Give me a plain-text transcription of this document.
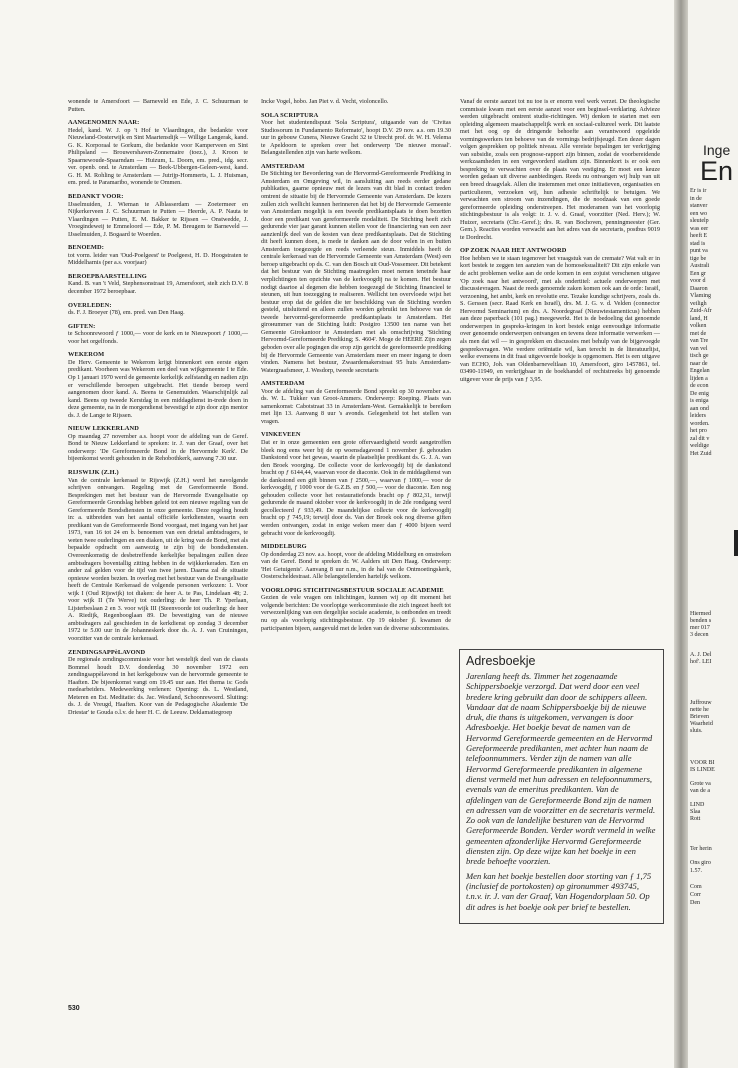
wonende te Amersfoort — Barneveld en Ede, J. C. Schuurman te Putten.

AANGENOMEN NAAR:

Hedel, kand. W. J. op 't Hof te Vlaardingen, die bedankte voor Nieuwland-Oosterwijk en Sint Maartensdijk — Willige Langerak, kand. G. K. Korporaal te Gorkum, die bedankte voor Kamperveen en Sint Philipsland — Brouwershaven-Zonnemaire (toez.), J. Kroon te Spaarnewoude-Spaarndam — Huizum, L. Doorn, em. pred., idg. secr. ver. openb. ond. te Amsterdam — Beek-Ubbergen-Geleen-west, kand. G. H. M. Rohling te Amsterdam — Jutrijp-Hommerts, L. J. Huisman, em. pred. te Paramaribo, wonende te Ommen.

BEDANKT VOOR:

IJsselmuiden, J. Wieman te Alblasserdam — Zoetermeer en Nijkerkerveen J. C. Schuurman te Putten — Heerde, A. P. Nauta te Vlaardingen — Putten, E. M. Bakker te Rijssen — Onstwedde, J. Vroegindeweij te Emmeloord — Ede, P. M. Breugem te Barneveld — IJsselmuiden, J. Bogaard te Woerden.

BENOEMD:

tot vorm. leider van 'Oud-Poelgeest' te Poelgeest, H. D. Hoogstraten te Middelharnis (per a.s. voorjaar)

BEROEPBAARSTELLING

Kand. B. van 't Veld, Stephensonstraat 19, Amersfoort, stelt zich D.V. 8 december 1972 beroepbaar.

OVERLEDEN:

ds. F. J. Broeyer (78), em. pred. van Den Haag.

GIFTEN:

te Schoonrewoord ƒ 1000,— voor de kerk en te Nieuwpoort ƒ 1000,— voor het orgelfonds.

WEKEROM

De Herv. Gemeente te Wekerom krijgt binnenkort een eerste eigen predikant. Voorheen was Wekerom een deel van wijkgemeente I te Ede. Op 1 januari 1970 werd de gemeente kerkelijk zelfstandig en nadien zijn er verschillende beroepen uitgebracht. Het tiende beroep werd aangenomen door kand. A. Beens te Genemuiden. Waarschijnlijk zal kand. Beens op tweede Kerstdag in een middagdienst in-trede doen in deze gemeente, na in de morgendienst bevestigd te zijn door zijn mentor ds. J. de Lange te Rijssen.

NIEUW LEKKERLAND

Op maandag 27 november a.s. hoopt voor de afdeling van de Geref. Bond te Nieuw Lekkerland te spreken: ir. J. van der Graaf, over het onderwerp: 'De Gereformeerde Bond in de Hervormde Kerk'. De bijeenkomst wordt gehouden in de Rehobothkerk, aanvang 7.30 uur.

RIJSWIJK (Z.H.)

Van de centrale kerkeraad te Rijswijk (Z.H.) werd het navolgende schrijven ontvangen. Regeling met de Gereformeerde Bond. Besprekingen met het bestuur van de Hervormde Evangelisatie op Gereformeerde Grondslag hebben geleid tot een nieuwe regeling van de Gereformeerde Bondsdiensten in onze gemeente. Deze regeling houdt in: a. uitbreiden van het aantal officiële kerkdiensten, waarin een predikant van de Gereformeerde Bond voorgaat, met ingang van het jaar 1973, van 16 tot 24 en b. benoemen van een drietal ambtsdragers, te weten twee ouderlingen en een diaken, uit de kring van de Bond, met als bepaalde opdracht om aanwezig te zijn bij de bondsdiensten. Overeenkomstig de desbetreffende kerkelijke bepalingen zullen deze ambtsdragers boventallig zitting hebben in de wijkkerkeraden. Een en ander zal gelden voor de tijd van twee jaren. Daarna zal de situatie opnieuw worden bezien. In overleg met het bestuur van de Evangelisatie heeft de Centrale Kerkeraad de volgende personen verkozen: 1. Voor wijk I (Oud Rijswijk) tot diaken: de heer A. te Pas, Lindelaan 48; 2. voor wijk II (Te Werve) tot ouderling: de heer Th. P. Yperlaan, Lijsterbeslaan 2 en 3. voor wijk III (Steenvoorde tot ouderling: de heer A. Riedijk, Regenbooglaan 89. De bevestiging van de nieuwe ambtsdragers zal geschieden in de kerkdienst op zondag 3 december 1972 te 5.00 uur in de Johanneskerk door ds. A. J. van Cruiningen, voorzitter van de centrale kerkeraad.

ZENDINGSAPPèLAVOND

De regionale zendingscommissie voor het westelijk deel van de classis Bommel houdt D.V. donderdag 30 november 1972 een zendingsappèlavond in het kerkgebouw van de hervormde gemeente te Haaften. De bijeenkomst vangt om 19.45 uur aan. Het thema is: Gods medearbeiders. Medewerking verlenen: Opening: ds. L. Westland, Meteren en Est. Meditatie: ds. Jac. Westland, Schoonrewoerd. Sluiting: ds. J. de Vreugd, Haaften. Koor van de Pedagogische Akademie 'De Driestar' te Gouda o.l.v. de heer H. C. de Leeuw. Deklamatiegroep

Incke Vogel, hobo. Jan Piet v. d. Vecht, violoncello.

SOLA SCRIPTURA

Voor het studentendispuut 'Sola Scriptura', uitgaande van de 'Civitas Studiosorum in Fundamento Reformato', hoopt D.V. 29 nov. a.s. om 19.30 uur in gebouw Cunera, Nieuwe Gracht 32 te Utrecht prof. dr. W. H. Velema te Apeldoorn te spreken over het onderwerp 'De nieuwe moraal'. Belangstellenden zijn van harte welkom.

AMSTERDAM

De Stichting ter Bevordering van de Hervormd-Gereformeerde Prediking in Amsterdam en Omgeving wil, in aansluiting aan reeds eerder gedane publikaties, gaarne opnieuw met de lezers van dit blad in contact treden omtrent de situatie bij de Hervormde Gemeente van Amsterdam. De lezers zullen zich wellicht kunnen herinneren dat het bij de Hervormde Gemeente van Amsterdam mogelijk is een tweede predikantsplaats te doen bezetten door een predikant van gereformeerde modaliteit. De Stichting heeft zich gedurende vier jaar garant kunnen stellen voor de financiering van een zeer aanzienlijk deel van de kosten van deze predikantsplaats. Dat de Stichting dit heeft kunnen doen, is mede te danken aan de door velen in en buiten Amsterdam toegezegde en reeds verleende steun. Inmiddels heeft de centrale kerkeraad van de Hervormde Gemeente van Amsterdam (West) een beroep uitgebracht op ds. C. van den Bosch uit Oud-Vossemeer. Dit betekent dat het bestuur van de Stichting maatregelen moet nemen teneinde haar verplichtingen ten opzichte van de kerkvoogdij na te komen. Het bestuur nodigt daartoe al degenen die hebben toegezegd de Stichting financieel te steunen, uit hun toezegging te realiseren. Wellicht ten overvloede wijst het bestuur erop dat de gelden die ter beschikking van de Stichting worden gesteld, uitsluitend en alleen zullen worden gebruikt ten behoeve van de tweede hervormd-gereformeerde predikantsplaats te Amsterdam. Het girонummer van de Stichting luidt: Postgiro 13500 ten name van het Gemeente Girokantoor te Amsterdam met als omschrijving 'Stichting Hervormd-Gereformeerde Prediking; S. 4604'. Moge de HEERE Zijn zegen geboden over alle pogingen die erop zijn gericht de gereformeerde prediking bij de Hervormde Gemeente van Amsterdam meer en meer ingang te doen vinden. Namens het bestuur, Zwaardemakerstraat 95 huis Amsterdam-Watergraafsmeer, J. Wesdorp, tweede secretaris

AMSTERDAM

Voor de afdeling van de Gereformeerde Bond spreekt op 30 november a.s. ds. W. L. Tukker van Groot-Ammers. Onderwerp: Roeping. Plaats van samenkomst: Cabotstraat 33 in Amsterdam-West. Gemakkelijk te bereiken met lijn 13. Aanvang 8 uur 's avonds. Gelegenheid tot het stellen van vragen.

VINKEVEEN

Dat er in onze gemeenten een grote offervaardigheid wordt aangetroffen bleek nog eens weer bij de op woensdagavond 1 november jl. gehouden Dankstond voor het gewas, waarin de plaatselijke predikant ds. G. J. A. van den Broek voorging. De collecte voor de kerkvoogdij bij de dankstond bracht op ƒ 6144,44, waarvan voor de diaconie. Ook in de middagdienst van de dankstond een gift binnen van ƒ 2500,—, waarvan ƒ 1000,— voor de kerkvoogdij, ƒ 1000 voor de G.Z.B. en ƒ 500,— voor de diaconie. Een nog gehouden collecte voor het restauratiefonds bracht op ƒ 802,31, terwijl gedurende de maand oktober voor de kerkvoogdij in de 2de rondgang werd gecollecteerd ƒ 933,49. De maandelijkse collecte voor de kerkvoogdij bracht op ƒ 745,19; terwijl door ds. Van der Broek ook nog diverse giften werden ontvangen, zodat in enige weken meer dan ƒ 4000 bijeen werd gebracht voor de kerkvoogdij.

MIDDELBURG

Op donderdag 23 nov. a.s. hoopt, voor de afdeling Middelburg en omstreken van de Geref. Bond te spreken dr. W. Aalders uit Den Haag. Onderwerp: 'Het Getuigenis'. Aanvang 8 uur n.m., in de hal van de Ontmoetingskerk, Oosterscheldestraat. Alle belangstellenden hartelijk welkom.

VOORLOPIG STICHTINGSBESTUUR SOCIALE ACADEMIE

Gezien de vele vragen om inlichtingen, kunnen wij op dit moment het volgende berichten: De voorlopige werkcommissie die zich ingezet heeft tot verwezenlijking van een dergelijke sociale academie, is ontbonden en treedt nu op als voorlopig stichtingsbestuur. Op 19 oktober jl. kwamen de participanten bijeen, aangevuld met de leden van de diverse subcommissies.

Vanaf de eerste aanzet tot nu toe is er enorm veel werk verzet. De theologische commissie kwam met een eerste aanzet voor een beginsel-verklaring. Advieze werden uitgebracht omtrent studie-richtingen. Wij denken te starten met een opleiding algemeen maatschappelijk werk en sociaal-cultureel werk. Dit laatste met het oog op de dringende behoefte aan verantwoord opgeleide vormingswerkers ten behoeve van de vormings bedrijfsjeugd. Een dezer dagen volgen gesprekken op politiek niveau. Alle vereiste bepalingen ter verkrijging van subsidie, zoals een prognose-rapport zijn binnen, zodat de voorbereidende werkzaamheden in een vergevorderd stadium zijn. Binnenkort is er ook een bespreking te verwachten over de plaats van vestiging. Er moet een keuze worden gedaan uit diverse aanbiedingen. Reeds nu ontvangen wij hulp van uit een breed draagvlak. Allen die instemmen met onze initiatieven, organisaties en particulieren, verzoeken wij, hun adhesie schriftelijk te betuigen. We verwachten een stroom van inzendingen, die de noodzaak van een goede gereformeerde opleiding onderstreepen. Het moderamen van het voorlopig stichtingsbestuur is als volgt: ir. J. v. d. Graaf, voorzitter (Ned. Herv.); W. Huizer, secretaris (Chr.-Geref.); drs. R. van Bochoven, penningmeester (Ger. Gem.). Reacties worden verwacht aan het adres van de secretaris, postbus 9019 te Dordrecht.

OP ZOEK NAAR HET ANTWOORD

Hoe hebben we te staan tegenover het vraagstuk van de cremate? Wat valt er in kort bestek te zeggen ten aanzien van de homoseksualiteit? Dit zijn enkele van de acht problemen welke aan de orde komen in een zojuist verschenen uitgave 'Op zoek naar het antwoord', met als ondertitel: actuele onderwerpen met discussievragen. Naast de reeds genoemde zaken komen ook aan de orde: Israël, verzoening, het ambt, kerk en revolutie enz. Tezake kundige schrijvers, zoals ds. S. Gerssen (secr. Raad Kerk en Israël), drs. M. J. G. v. d. Velden (connector Hervormd Seminarium) en drs. A. Noordegraaf (Nieuwtestamenticus) hebben aan deze paperback (101 pag.) meegewerkt. Het is de bedoeling dat genoemde onderwerpen in gespreks-kringen in kort bestek enige eenvoudige informatie over genoemde onderwerpen ontvangen en tevens deze informatie verwerken — als men dat wil — in gesprekken en discussies met behulp van de bijgevoegde gespreksvragen. Wie verdere oriëntatie wil, kan terecht in de literatuurlijst, welke eveneens in dit fraai uitgevoerde boekje is opgenomen. Het is een uitgave van ECHO, Joh. van Oldenbarneveltlaan 10, Amersfoort, giro 1457861, tel. 03490-11949, en verkrijgbaar in de boekhandel of rechtstreeks bij genoemde uitgever voor de prijs van ƒ 3,95.

Adresboekje

Jarenlang heeft ds. Timmer het zogenaamde Schippersboekje verzorgd. Dat werd door een veel bredere kring gebruikt dan door de schippers alleen. Vandaar dat de naam Schippersboekje bij de nieuwe druk, die thans is uitgekomen, vervangen is door Adresboekje. Het boekje bevat de namen van de Hervormd Gereformeerde gemeenten en de Hervormd Gereformeerde predikanten, met achter hun naam de telefoonnummers. Verder zijn de namen van alle Hervormd Gereformeerde predikanten in algemene dienst vermeld met hun adressen en telefoonnummers, evenals van de emeritus predikanten. Van de afdelingen van de Gereformeerde Bond zijn de namen en adressen van de voorzitter en de secretaris vermeld. Zo ook van de landelijke besturen van de Hervormd Gereformeerde Bonden. Verder wordt vermeld in welke gemeenten afzonderlijke Hervormd Gereformeerde diensten zijn. Op deze wijze kan het boekje in een brede behoefte voorzien.

Men kan het boekje bestellen door storting van ƒ 1,75 (inclusief de portokosten) op gironummer 493745, t.n.v. ir. J. van der Graaf, Van Hogendorplaan 50. Op dit adres is het boekje ook per brief te bestellen.

530
Er is ir
in de
stanver
een wo
sleutelp
was eer
heeft E
stad is
punt va
tige be
Australi
Een gr
voor d
Daaron
Vlaming
veiligh
Zuid-Afr
land, H
volken
met de
van Tre
van vel
tisch ge
naar de
Engelan
lijden a
de econ
De enig
is eniga
aan ond
leiders
worden.
het pro
zal dit v
weldige
Het Zuid
Hiermed
benden s
mer 017
3 decen
A. J. Del
hof'. LEI
Juffrouw
nette he
Brieven
Waarheid
sluis.
VOOR BI
IS LINDE
Grote va
van de a
LIND
Slaa
Rott
Ter herin
Ons giro
1.57.
Com
Corr
Den
Inge
En
